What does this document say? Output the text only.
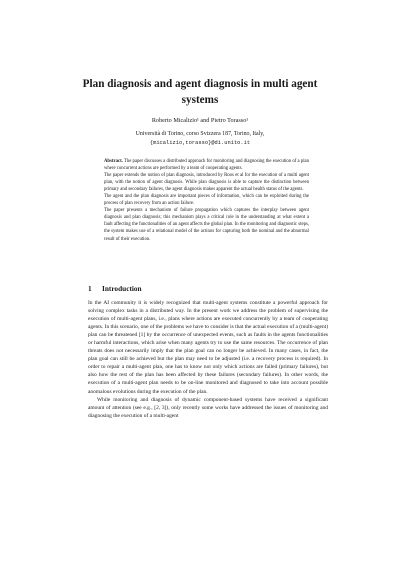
Plan diagnosis and agent diagnosis in multi agent
systems
Roberto Micalizio¹ and Pietro Torasso¹
Università di Torino, corso Svizzera 187, Torino, Italy,
{micalizio,torasso}@di.unito.it

Abstract. The paper discusses a distributed approach for monitoring and diagnosing the execution of a plan where concurrent actions are performed by a team of cooperating agents.

The paper extends the notion of plan diagnosis, introduced by Roos et al for the execution of a multi agent plan, with the notion of agent diagnosis. While plan diagnosis is able to capture the distinction between primary and secondary failures, the agent diagnosis makes apparent the actual health status of the agents.

The agent and the plan diagnosis are important pieces of information, which can be exploited during the process of plan recovery from an action failure.

The paper presents a mechanism of failure propagation which captures the interplay between agent diagnosis and plan diagnosis; this mechanism plays a critical role in the understanding at what extent a fault affecting the functionalities of an agent affects the global plan. In the monitoring and diagnostic steps, the system makes use of a relational model of the actions for capturing both the nominal and the abnormal result of their execution.

1 Introduction

In the AI community it is widely recognized that multi-agent systems constitute a powerful approach for solving complex tasks in a distributed way. In the present work we address the problem of supervising the execution of multi-agent plans, i.e., plans where actions are executed concurrently by a team of cooperating agents. In this scenario, one of the problems we have to consider is that the actual execution of a (multi-agent) plan can be threatened [1] by the occurrence of unexpected events, such as faults in the agents functionalities or harmful interactions, which arise when many agents try to use the same resources. The occurrence of plan threats does not necessarily imply that the plan goal can no longer be achieved. In many cases, in fact, the plan goal can still be achieved but the plan may need to be adjusted (i.e. a recovery process is required). In order to repair a multi-agent plan, one has to know not only which actions are failed (primary failures), but also how the rest of the plan has been affected by these failures (secondary failures). In other words, the execution of a multi-agent plan needs to be on-line monitored and diagnosed to take into account possible anomalous evolutions during the execution of the plan.

While monitoring and diagnosis of dynamic component-based systems have received a significant amount of attention (see e.g., [2, 3]), only recently some works have addressed the issues of monitoring and diagnosing the execution of a multi-agent
